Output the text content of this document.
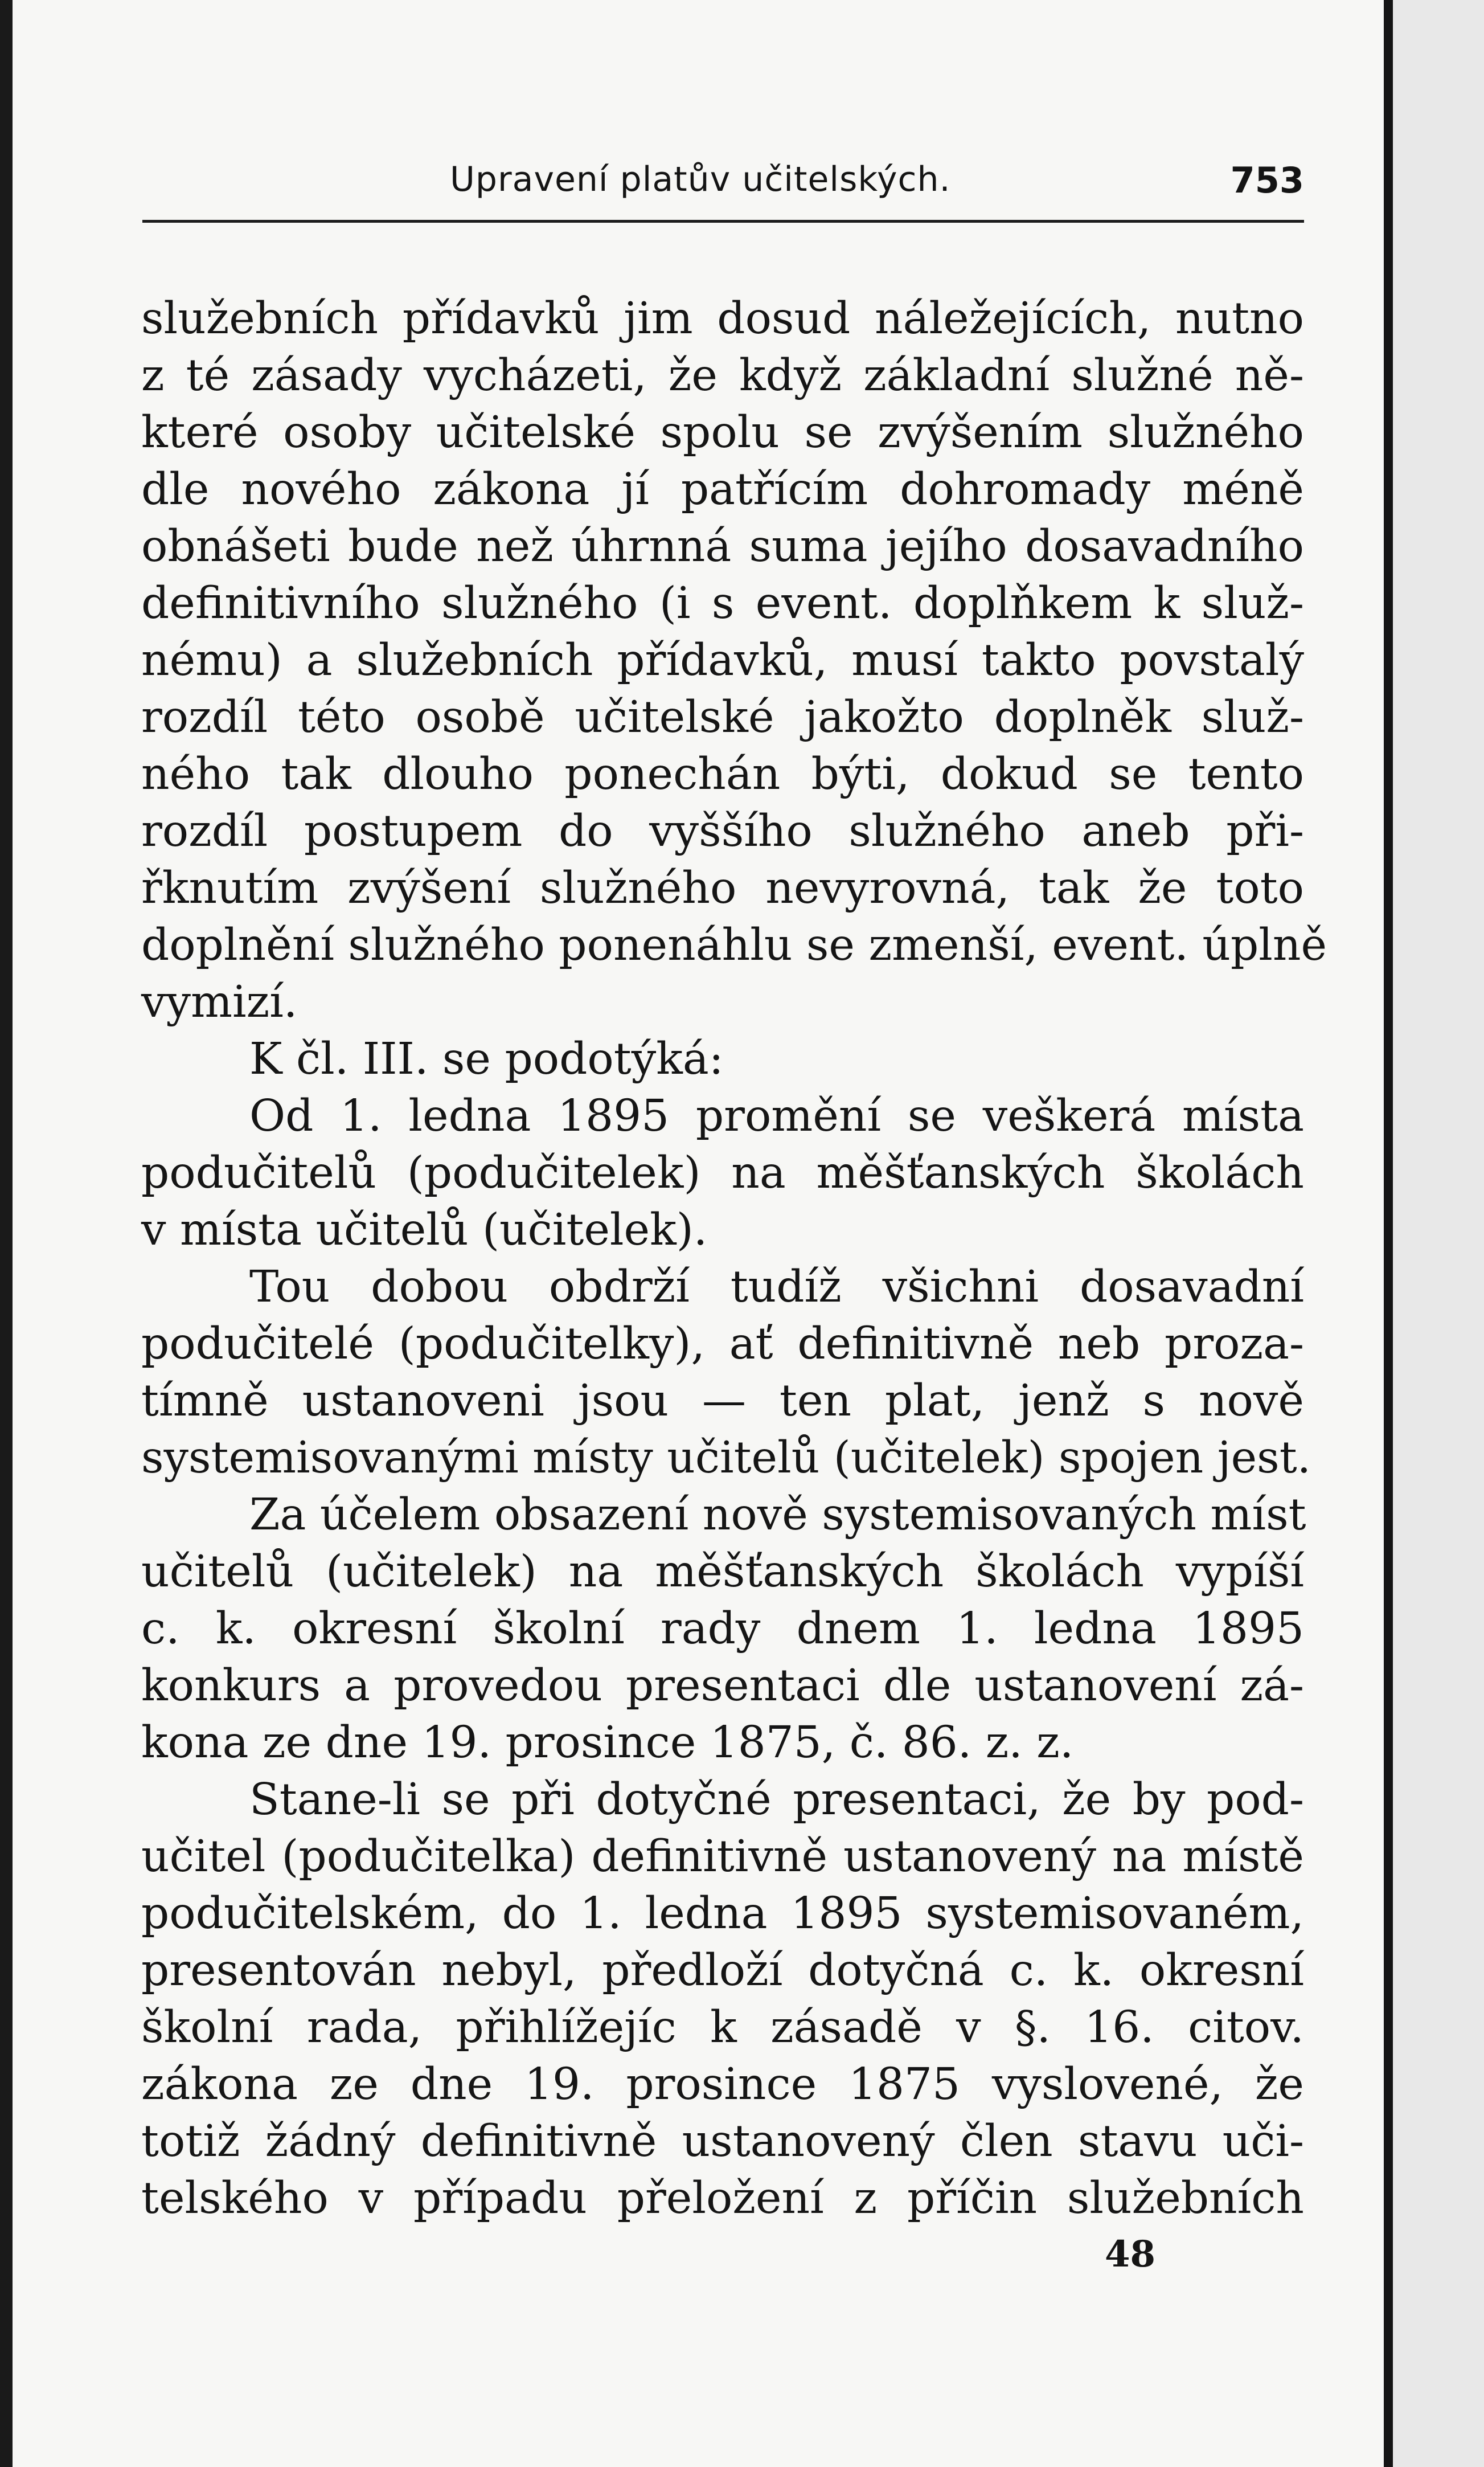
Upravení platův učitelských.	753
služebních přídavků jim dosud náležejících, nutno
z té zásady vycházeti, že když základní služné ně-
které osoby učitelské spolu se zvýšením služného
dle nového zákona jí patřícím dohromady méně
obnášeti bude než úhrnná suma jejího dosavadního
definitivního služného (i s event. doplňkem k služ-
nému) a služebních přídavků, musí takto povstalý
rozdíl této osobě učitelské jakožto doplněk služ-
ného tak dlouho ponechán býti, dokud se tento
rozdíl postupem do vyššího služného aneb při-
řknutím zvýšení služného nevyrovná, tak že toto
doplnění služného ponenáhlu se zmenší, event. úplně
vymizí.
K čl. III. se podotýká:
Od 1. ledna 1895 promění se veškerá místa
podučitelů (podučitelek) na měšťanských školách
v místa učitelů (učitelek).
Tou dobou obdrží tudíž všichni dosavadní
podučitelé (podučitelky), ať definitivně neb proza-
tímně ustanoveni jsou — ten plat, jenž s nově
systemisovanými místy učitelů (učitelek) spojen jest.
Za účelem obsazení nově systemisovaných míst
učitelů (učitelek) na měšťanských školách vypíší
c. k. okresní školní rady dnem 1. ledna 1895
konkurs a provedou presentaci dle ustanovení zá-
kona ze dne 19. prosince 1875, č. 86. z. z.
Stane-li se při dotyčné presentaci, že by pod-
učitel (podučitelka) definitivně ustanovený na místě
podučitelském, do 1. ledna 1895 systemisovaném,
presentován nebyl, předloží dotyčná c. k. okresní
školní rada, přihlížejíc k zásadě v §. 16. citov.
zákona ze dne 19. prosince 1875 vyslovené, že
totiž žádný definitivně ustanovený člen stavu uči-
telského v případu přeložení z příčin služebních
48
